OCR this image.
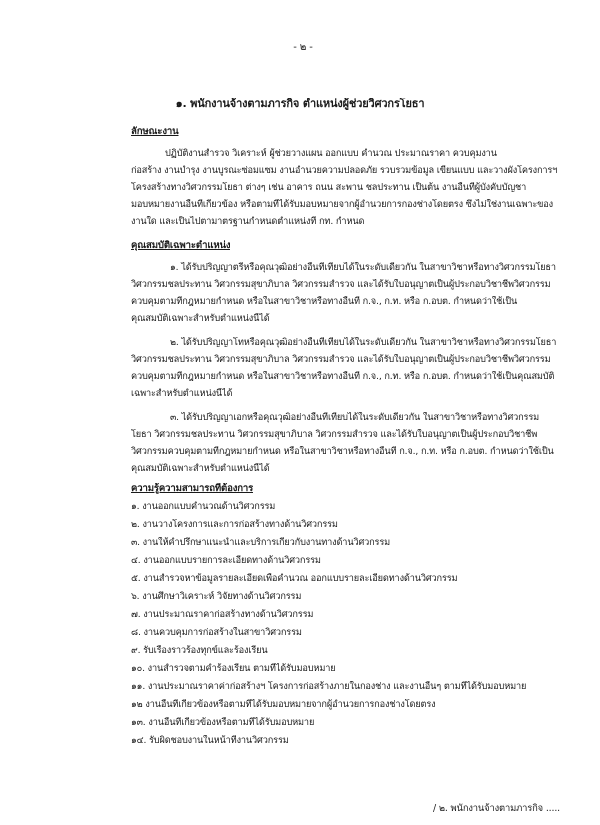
- ๒ -
๑. พนักงานจ้างตามภารกิจ ตำแหน่งผู้ช่วยวิศวกรโยธา
ลักษณะงาน
ปฏิบัติงานสำรวจ วิเคราะห์ ผู้ช่วยวางแผน ออกแบบ คำนวณ ประมาณราคา ควบคุมงาน
ก่อสร้าง งานบำรุง งานบูรณะซ่อมแซม งานอำนวยความปลอดภัย รวบรวมข้อมูล เขียนแบบ และวางผังโครงการฯ
โครงสร้างทางวิศวกรรมโยธา ต่างๆ เช่น อาคาร ถนน สะพาน ชลประทาน เป็นต้น งานอื่นที่ผู้บังคับบัญชา
มอบหมายงานอื่นที่เกี่ยวข้อง หรือตามที่ได้รับมอบหมายจากผู้อำนวยการกองช่างโดยตรง ซึ่งไม่ใช่งานเฉพาะของ
งานใด และเป็นไปตามาตรฐานกำหนดตำแหน่งที่ กท. กำหนด
คุณสมบัติเฉพาะตำแหน่ง
๑. ได้รับปริญญาตรีหรือคุณวุฒิอย่างอื่นที่เทียบได้ในระดับเดียวกัน ในสาขาวิชาหรือทางวิศวกรรมโยธา
วิศวกรรมชลประทาน วิศวกรรมสุขาภิบาล วิศวกรรมสำรวจ และได้รับใบอนุญาตเป็นผู้ประกอบวิชาชีพวิศวกรรม
ควบคุมตามที่กฎหมายกำหนด หรือในสาขาวิชาหรือทางอื่นที่ ก.จ., ก.ท. หรือ ก.อบต. กำหนดว่าใช้เป็น
คุณสมบัติเฉพาะสำหรับตำแหน่งนี้ได้
๒. ได้รับปริญญาโทหรือคุณวุฒิอย่างอื่นที่เทียบได้ในระดับเดียวกัน ในสาขาวิชาหรือทางวิศวกรรมโยธา
วิศวกรรมชลประทาน วิศวกรรมสุขาภิบาล วิศวกรรมสำรวจ และได้รับใบอนุญาตเป็นผู้ประกอบวิชาชีพวิศวกรรม
ควบคุมตามที่กฎหมายกำหนด หรือในสาขาวิชาหรือทางอื่นที่ ก.จ., ก.ท. หรือ ก.อบต. กำหนดว่าใช้เป็นคุณสมบัติ
เฉพาะสำหรับตำแหน่งนี้ได้
๓. ได้รับปริญญาเอกหรือคุณวุฒิอย่างอื่นที่เทียบได้ในระดับเดียวกัน ในสาขาวิชาหรือทางวิศวกรรม
โยธา วิศวกรรมชลประทาน วิศวกรรมสุขาภิบาล วิศวกรรมสำรวจ และได้รับใบอนุญาตเป็นผู้ประกอบวิชาชีพ
วิศวกรรมควบคุมตามที่กฎหมายกำหนด หรือในสาขาวิชาหรือทางอื่นที่ ก.จ., ก.ท. หรือ ก.อบต. กำหนดว่าใช้เป็น
คุณสมบัติเฉพาะสำหรับตำแหน่งนี้ได้
ความรู้ความสามารถที่ต้องการ
๑. งานออกแบบคำนวณด้านวิศวกรรม
๒. งานวางโครงการและการก่อสร้างทางด้านวิศวกรรม
๓. งานให้คำปรึกษาแนะนำและบริการเกี่ยวกับงานทางด้านวิศวกรรม
๔. งานออกแบบรายการละเอียดทางด้านวิศวกรรม
๕. งานสำรวจหาข้อมูลรายละเอียดเพื่อคำนวณ ออกแบบรายละเอียดทางด้านวิศวกรรม
๖. งานศึกษาวิเคราะห์ วิจัยทางด้านวิศวกรรม
๗. งานประมาณราคาก่อสร้างทางด้านวิศวกรรม
๘. งานควบคุมการก่อสร้างในสาขาวิศวกรรม
๙. รับเรื่องราวร้องทุกข์และร้องเรียน
๑๐. งานสำรวจตามคำร้องเรียน ตามที่ได้รับมอบหมาย
๑๑. งานประมาณราคาค่าก่อสร้างฯ โครงการก่อสร้างภายในกองช่าง และงานอื่นๆ ตามที่ได้รับมอบหมาย
๑๒ งานอื่นที่เกี่ยวข้องหรือตามที่ได้รับมอบหมายจากผู้อำนวยการกองช่างโดยตรง
๑๓. งานอื่นที่เกี่ยวข้องหรือตามที่ได้รับมอบหมาย
๑๔. รับผิดชอบงานในหน้าที่งานวิศวกรรม
/ ๒. พนักงานจ้างตามภารกิจ .....
